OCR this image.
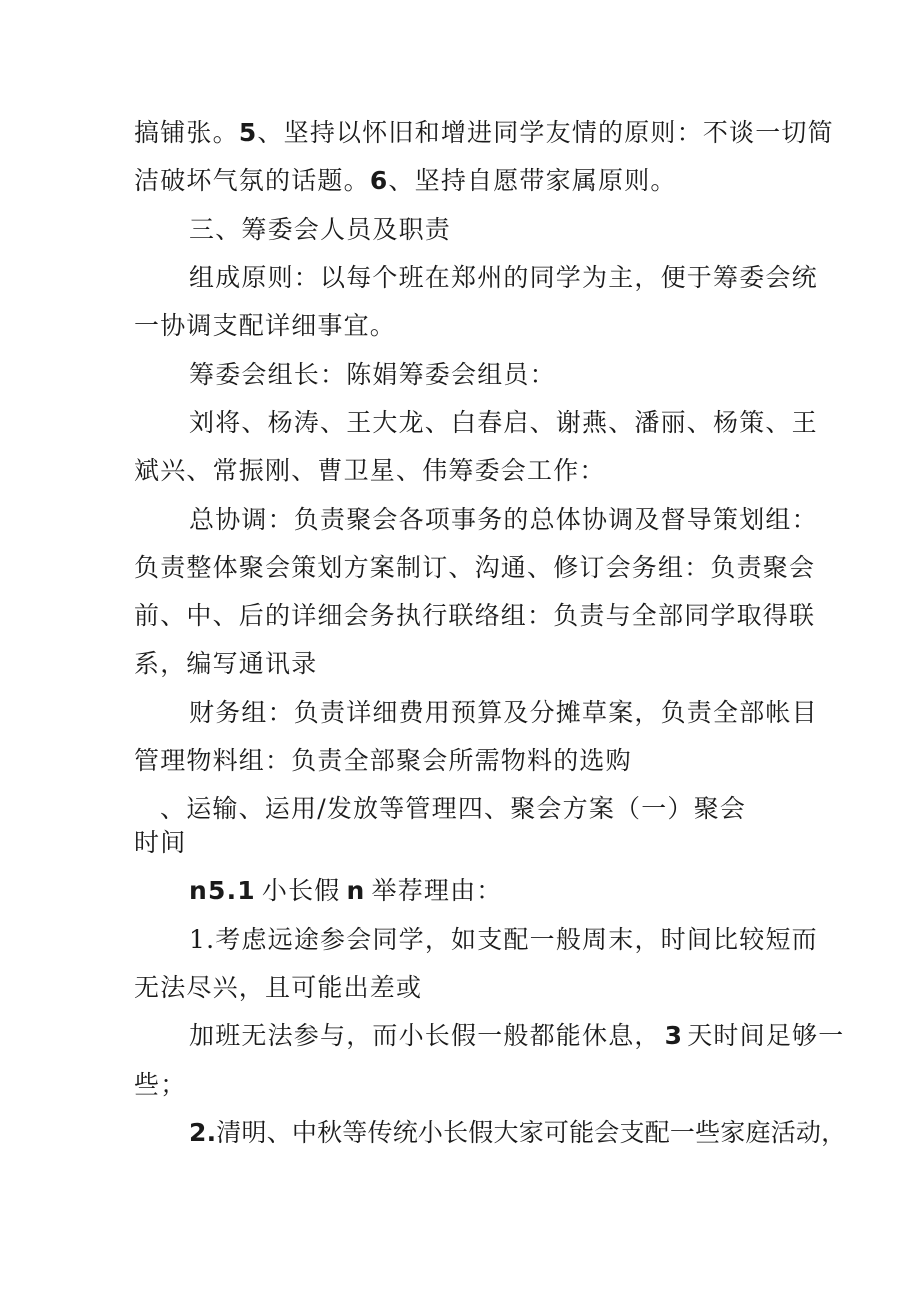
搞铺张。5、坚持以怀旧和增进同学友情的原则：不谈一切简
洁破坏气氛的话题。6、坚持自愿带家属原则。
三、筹委会人员及职责
组成原则：以每个班在郑州的同学为主，便于筹委会统
一协调支配详细事宜。
筹委会组长：陈娟筹委会组员：
刘将、杨涛、王大龙、白春启、谢燕、潘丽、杨策、王
斌兴、常振刚、曹卫星、伟筹委会工作：
总协调：负责聚会各项事务的总体协调及督导策划组：
负责整体聚会策划方案制订、沟通、修订会务组：负责聚会
前、中、后的详细会务执行联络组：负责与全部同学取得联
系，编写通讯录
财务组：负责详细费用预算及分摊草案，负责全部帐目
管理物料组：负责全部聚会所需物料的选购
、运输、运用/发放等管理四、聚会方案（一）聚会
时间
n5.1 小长假 n 举荐理由：
1.考虑远途参会同学，如支配一般周末，时间比较短而
无法尽兴，且可能出差或
加班无法参与，而小长假一般都能休息， 3 天时间足够一
些；
2.清明、中秋等传统小长假大家可能会支配一些家庭活动，
